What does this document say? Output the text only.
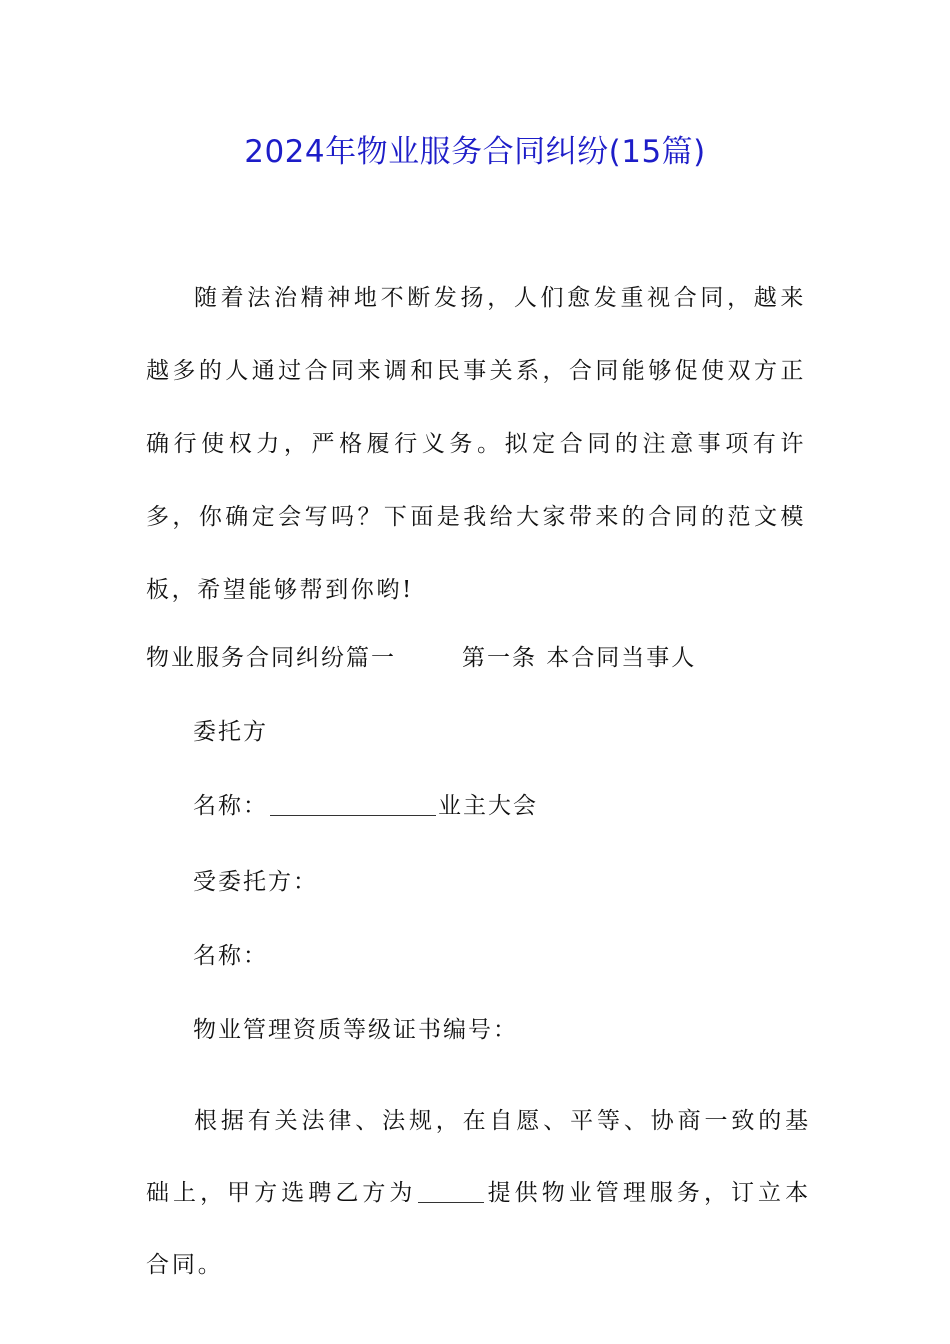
2024年物业服务合同纠纷(15篇)

随着法治精神地不断发扬，人们愈发重视合同，越来越多的人通过合同来调和民事关系，合同能够促使双方正确行使权力，严格履行义务。拟定合同的注意事项有许多，你确定会写吗？下面是我给大家带来的合同的范文模板，希望能够帮到你哟!

物业服务合同纠纷篇一	第一条 本合同当事人

委托方

名称：	业主大会

受委托方：

名称：

物业管理资质等级证书编号：

根据有关法律、法规，在自愿、平等、协商一致的基础上，甲方选聘乙方为	提供物业管理服务，订立本合同。
